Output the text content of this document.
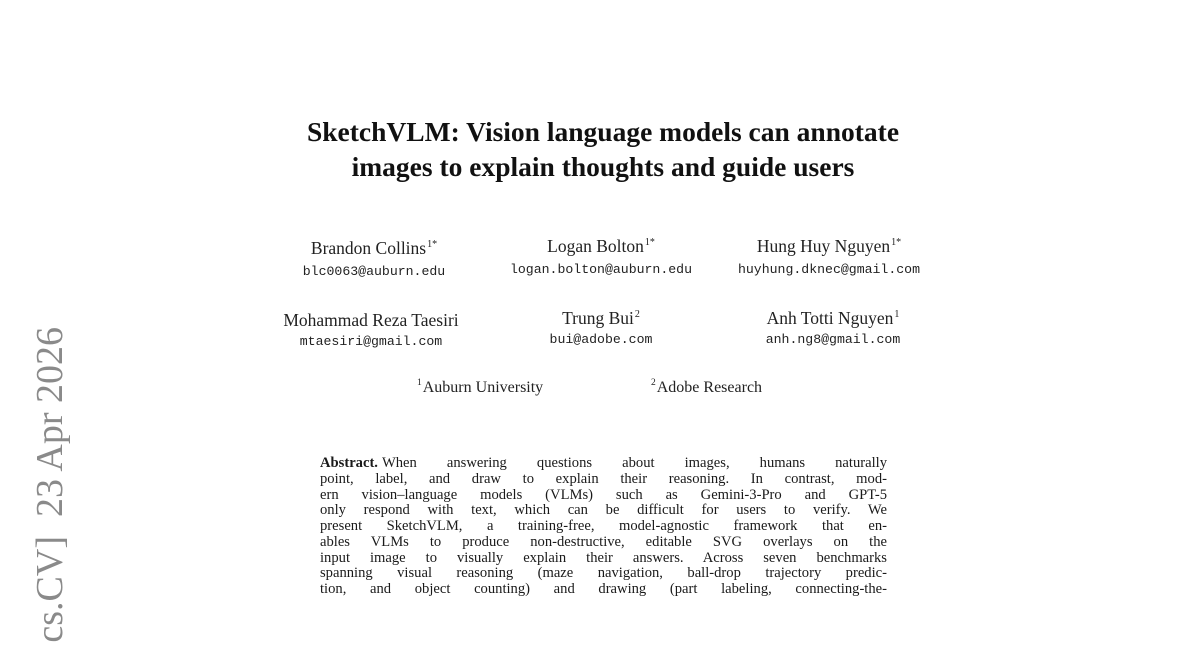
cs.CV]  23 Apr 2026
SketchVLM: Vision language models can annotate
images to explain thoughts and guide users
Brandon Collins$^{1*}$
blc0063@auburn.edu
Logan Bolton$^{1*}$
logan.bolton@auburn.edu
Hung Huy Nguyen$^{1*}$
huyhung.dknec@gmail.com
Mohammad Reza Taesiri
mtaesiri@gmail.com
Trung Bui$^2$
bui@adobe.com
Anh Totti Nguyen$^1$
anh.ng8@gmail.com
$^1$Auburn University	$^2$Adobe Research
Abstract. When answering questions about images, humans naturally
point, label, and draw to explain their reasoning. In contrast, mod-
ern vision–language models (VLMs) such as Gemini-3-Pro and GPT-5
only respond with text, which can be difficult for users to verify. We
present SketchVLM, a training-free, model-agnostic framework that en-
ables VLMs to produce non-destructive, editable SVG overlays on the
input image to visually explain their answers. Across seven benchmarks
spanning visual reasoning (maze navigation, ball-drop trajectory predic-
tion, and object counting) and drawing (part labeling, connecting-the-
